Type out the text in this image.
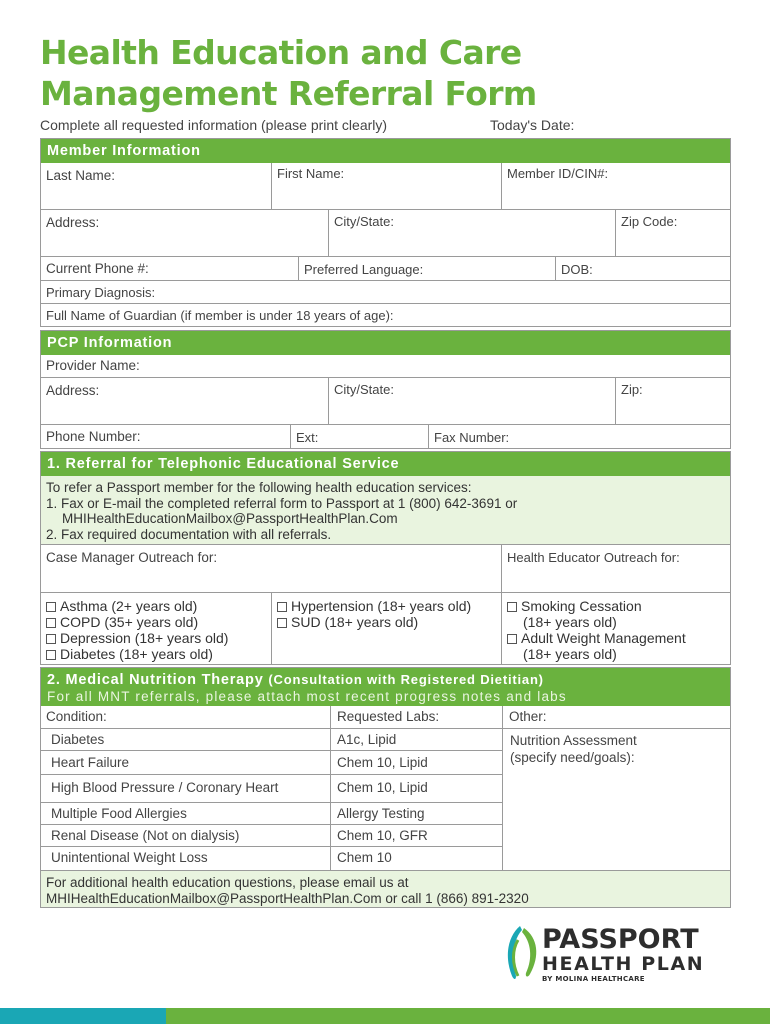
Health Education and Care
Management Referral Form
Complete all requested information (please print clearly)	Today's Date:
Member Information
Last Name:	First Name:	Member ID/CIN#:
Address:	City/State:	Zip Code:
Current Phone #:	Preferred Language:	DOB:
Primary Diagnosis:
Full Name of Guardian (if member is under 18 years of age):
PCP Information
Provider Name:
Address:	City/State:	Zip:
Phone Number:	Ext:	Fax Number:
1. Referral for Telephonic Educational Service
To refer a Passport member for the following health education services:
1. Fax or E-mail the completed referral form to Passport at 1 (800) 642-3691 or
MHIHealthEducationMailbox@PassportHealthPlan.Com
2. Fax required documentation with all referrals.
Case Manager Outreach for:	Health Educator Outreach for:
Asthma (2+ years old)
COPD (35+ years old)
Depression (18+ years old)
Diabetes (18+ years old)
Hypertension (18+ years old)
SUD (18+ years old)
Smoking Cessation
(18+ years old)
Adult Weight Management
(18+ years old)
2. Medical Nutrition Therapy (Consultation with Registered Dietitian)
For all MNT referrals, please attach most recent progress notes and labs
Condition:	Requested Labs:	Other:
Diabetes	A1c, Lipid
Heart Failure	Chem 10, Lipid
High Blood Pressure / Coronary Heart	Chem 10, Lipid
Multiple Food Allergies	Allergy Testing
Renal Disease (Not on dialysis)	Chem 10, GFR
Unintentional Weight Loss	Chem 10
Nutrition Assessment
(specify need/goals):
For additional health education questions, please email us at
MHIHealthEducationMailbox@PassportHealthPlan.Com or call 1 (866) 891-2320
PASSPORT
HEALTH PLAN
BY MOLINA HEALTHCARE
